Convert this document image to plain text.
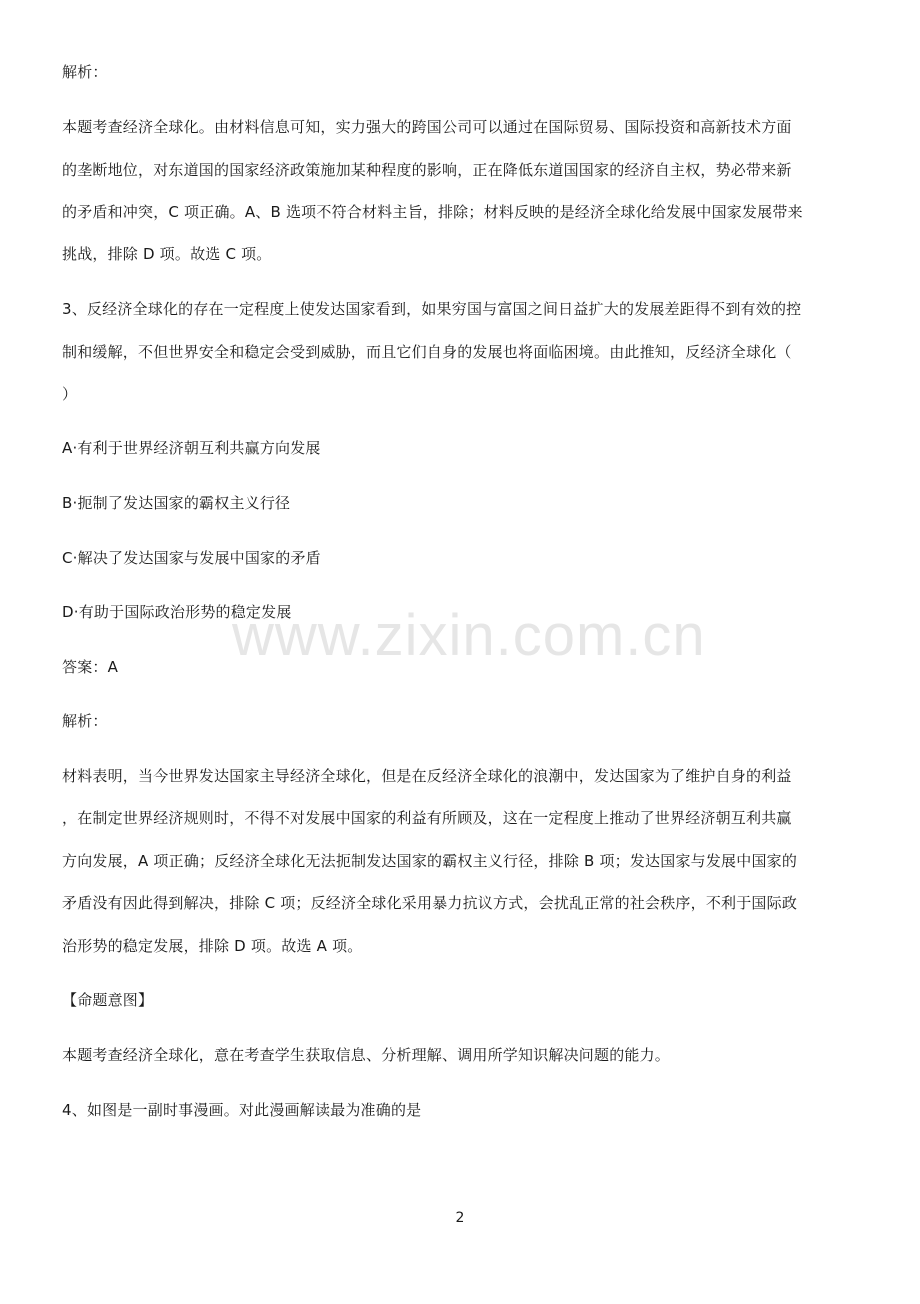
www.zixin.com.cn
解析：
本题考查经济全球化。由材料信息可知，实力强大的跨国公司可以通过在国际贸易、国际投资和高新技术方面
的垄断地位，对东道国的国家经济政策施加某种程度的影响，正在降低东道国国家的经济自主权，势必带来新
的矛盾和冲突，C 项正确。A、B 选项不符合材料主旨，排除；材料反映的是经济全球化给发展中国家发展带来
挑战，排除 D 项。故选 C 项。
3、反经济全球化的存在一定程度上使发达国家看到，如果穷国与富国之间日益扩大的发展差距得不到有效的控
制和缓解，不但世界安全和稳定会受到威胁，而且它们自身的发展也将面临困境。由此推知，反经济全球化（
）
A·有利于世界经济朝互利共赢方向发展
B·扼制了发达国家的霸权主义行径
C·解决了发达国家与发展中国家的矛盾
D·有助于国际政治形势的稳定发展
答案：A
解析：
材料表明，当今世界发达国家主导经济全球化，但是在反经济全球化的浪潮中，发达国家为了维护自身的利益
，在制定世界经济规则时，不得不对发展中国家的利益有所顾及，这在一定程度上推动了世界经济朝互利共赢
方向发展，A 项正确；反经济全球化无法扼制发达国家的霸权主义行径，排除 B 项；发达国家与发展中国家的
矛盾没有因此得到解决，排除 C 项；反经济全球化采用暴力抗议方式，会扰乱正常的社会秩序，不利于国际政
治形势的稳定发展，排除 D 项。故选 A 项。
【命题意图】
本题考查经济全球化，意在考查学生获取信息、分析理解、调用所学知识解决问题的能力。
4、如图是一副时事漫画。对此漫画解读最为准确的是
2
